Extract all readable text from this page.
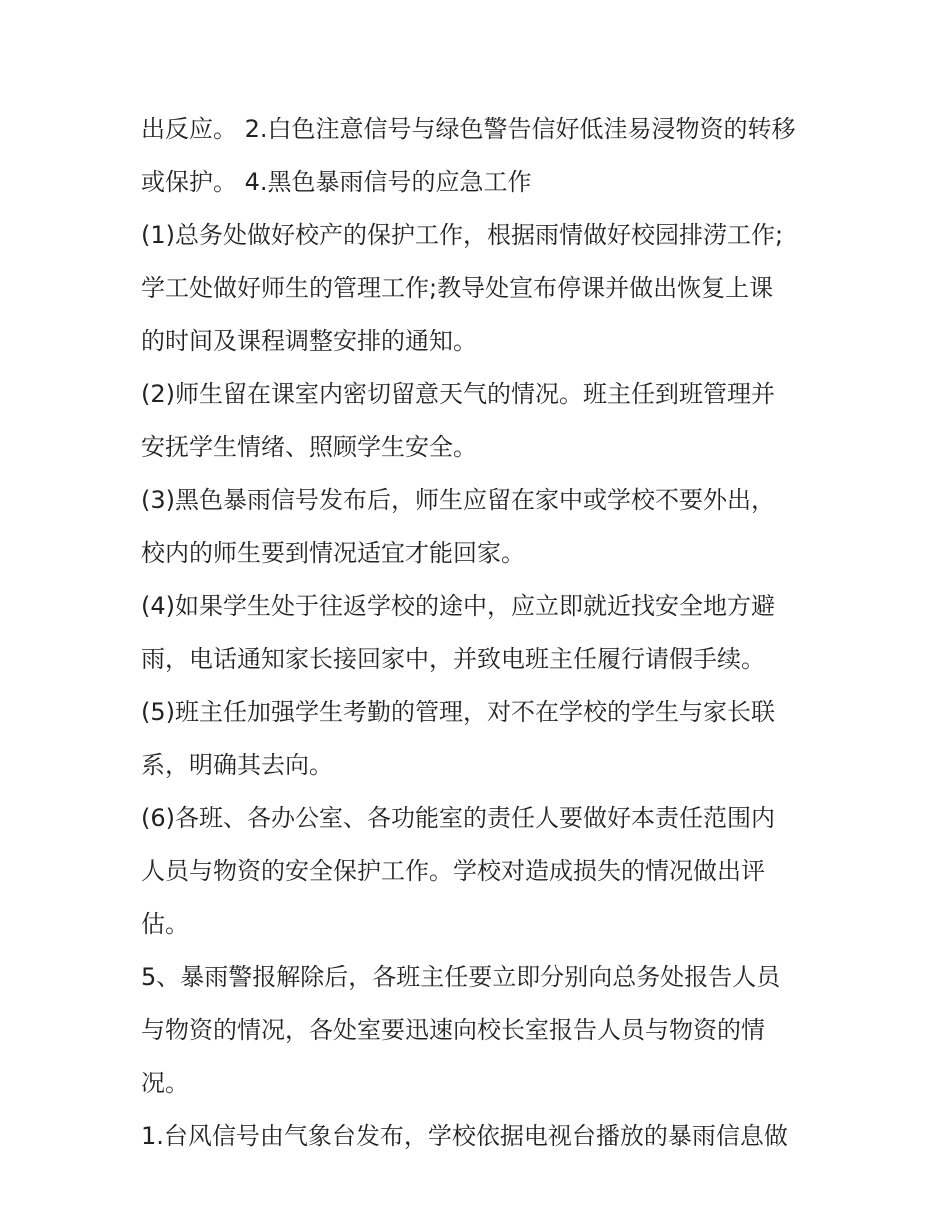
出反应。 2.白色注意信号与绿色警告信好低洼易浸物资的转移
或保护。 4.黑色暴雨信号的应急工作
(1)总务处做好校产的保护工作，根据雨情做好校园排涝工作;
学工处做好师生的管理工作;教导处宣布停课并做出恢复上课
的时间及课程调整安排的通知。
(2)师生留在课室内密切留意天气的情况。班主任到班管理并
安抚学生情绪、照顾学生安全。
(3)黑色暴雨信号发布后，师生应留在家中或学校不要外出，
校内的师生要到情况适宜才能回家。
(4)如果学生处于往返学校的途中，应立即就近找安全地方避
雨，电话通知家长接回家中，并致电班主任履行请假手续。
(5)班主任加强学生考勤的管理，对不在学校的学生与家长联
系，明确其去向。
(6)各班、各办公室、各功能室的责任人要做好本责任范围内
人员与物资的安全保护工作。学校对造成损失的情况做出评
估。
5、暴雨警报解除后，各班主任要立即分别向总务处报告人员
与物资的情况，各处室要迅速向校长室报告人员与物资的情
况。
1.台风信号由气象台发布，学校依据电视台播放的暴雨信息做
